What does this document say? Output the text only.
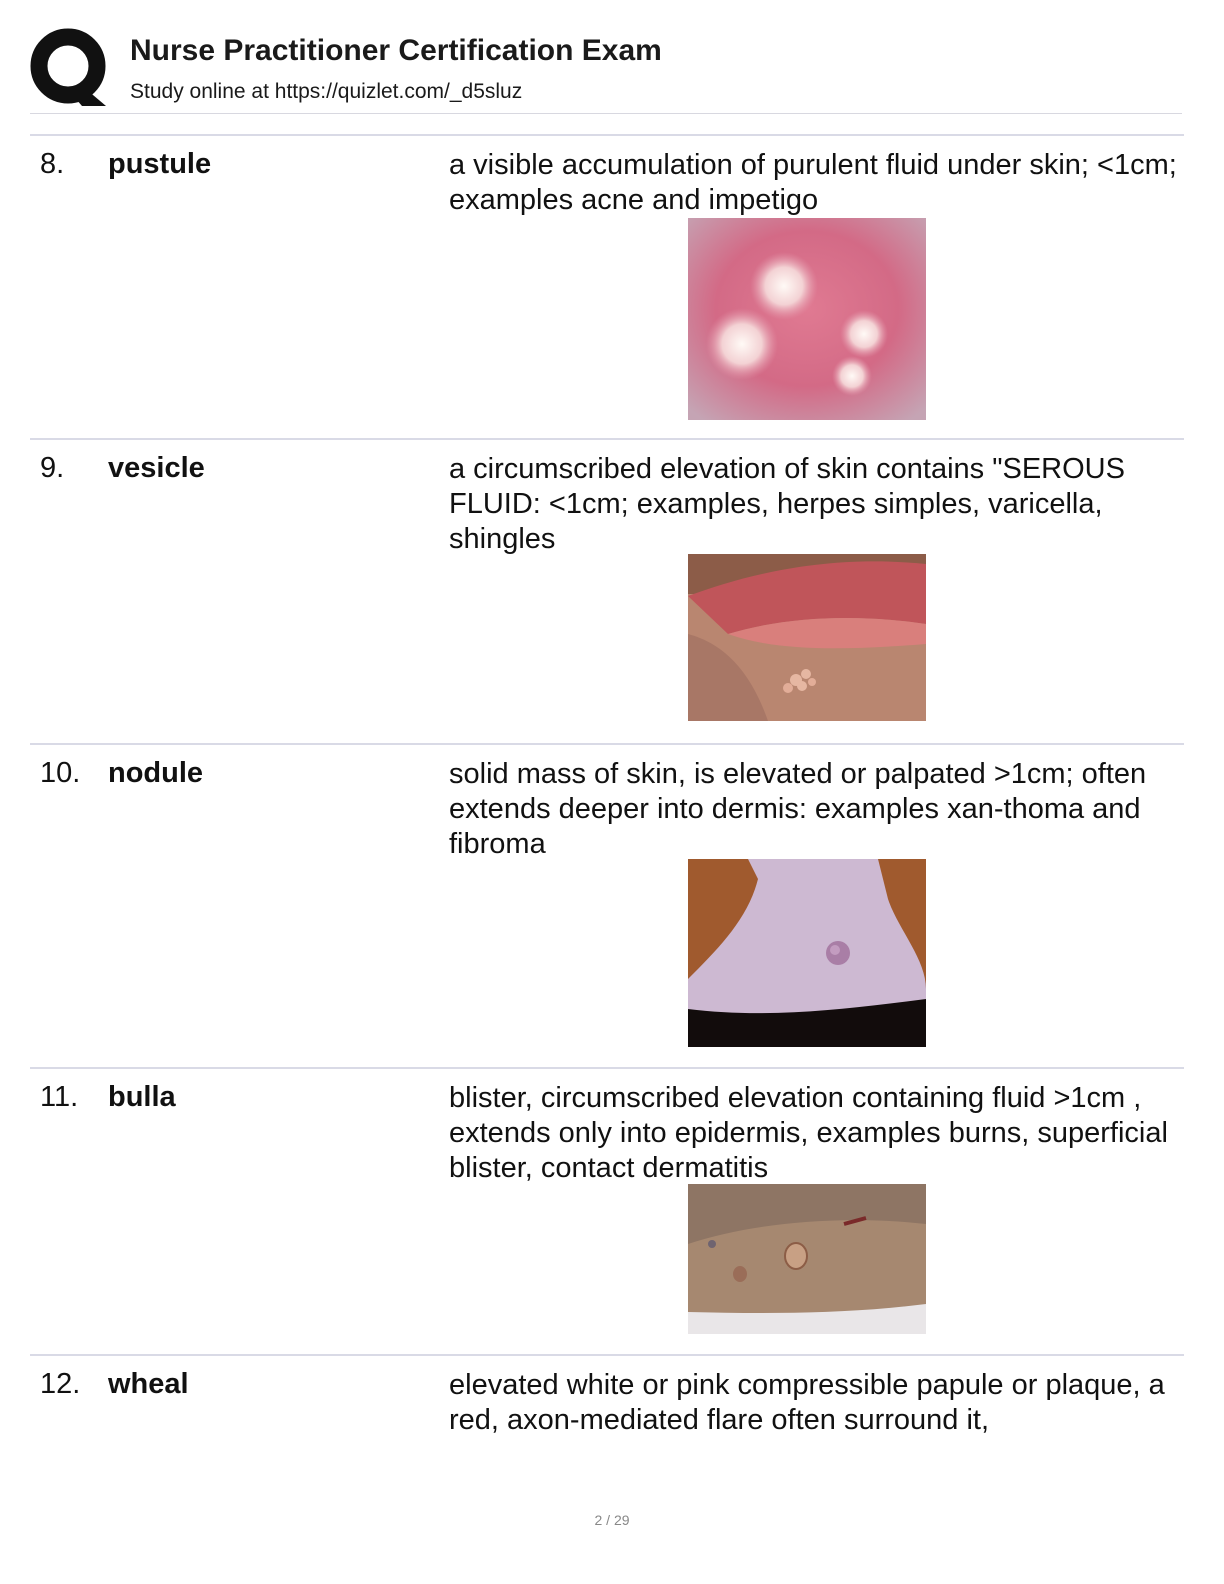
Nurse Practitioner Certification Exam
Study online at https://quizlet.com/_d5sluz
8. pustule	a visible accumulation of purulent fluid under skin; <1cm; examples acne and impetigo
9. vesicle	a circumscribed elevation of skin contains "SEROUS FLUID: <1cm; examples, herpes simples, varicella, shingles
10. nodule	solid mass of skin, is elevated or palpated >1cm; often extends deeper into dermis: examples xan-thoma and fibroma
11. bulla	blister, circumscribed elevation containing fluid >1cm , extends only into epidermis, examples burns, superficial blister, contact dermatitis
12. wheal	elevated white or pink compressible papule or plaque, a red, axon-mediated flare often surround it,
2 / 29
